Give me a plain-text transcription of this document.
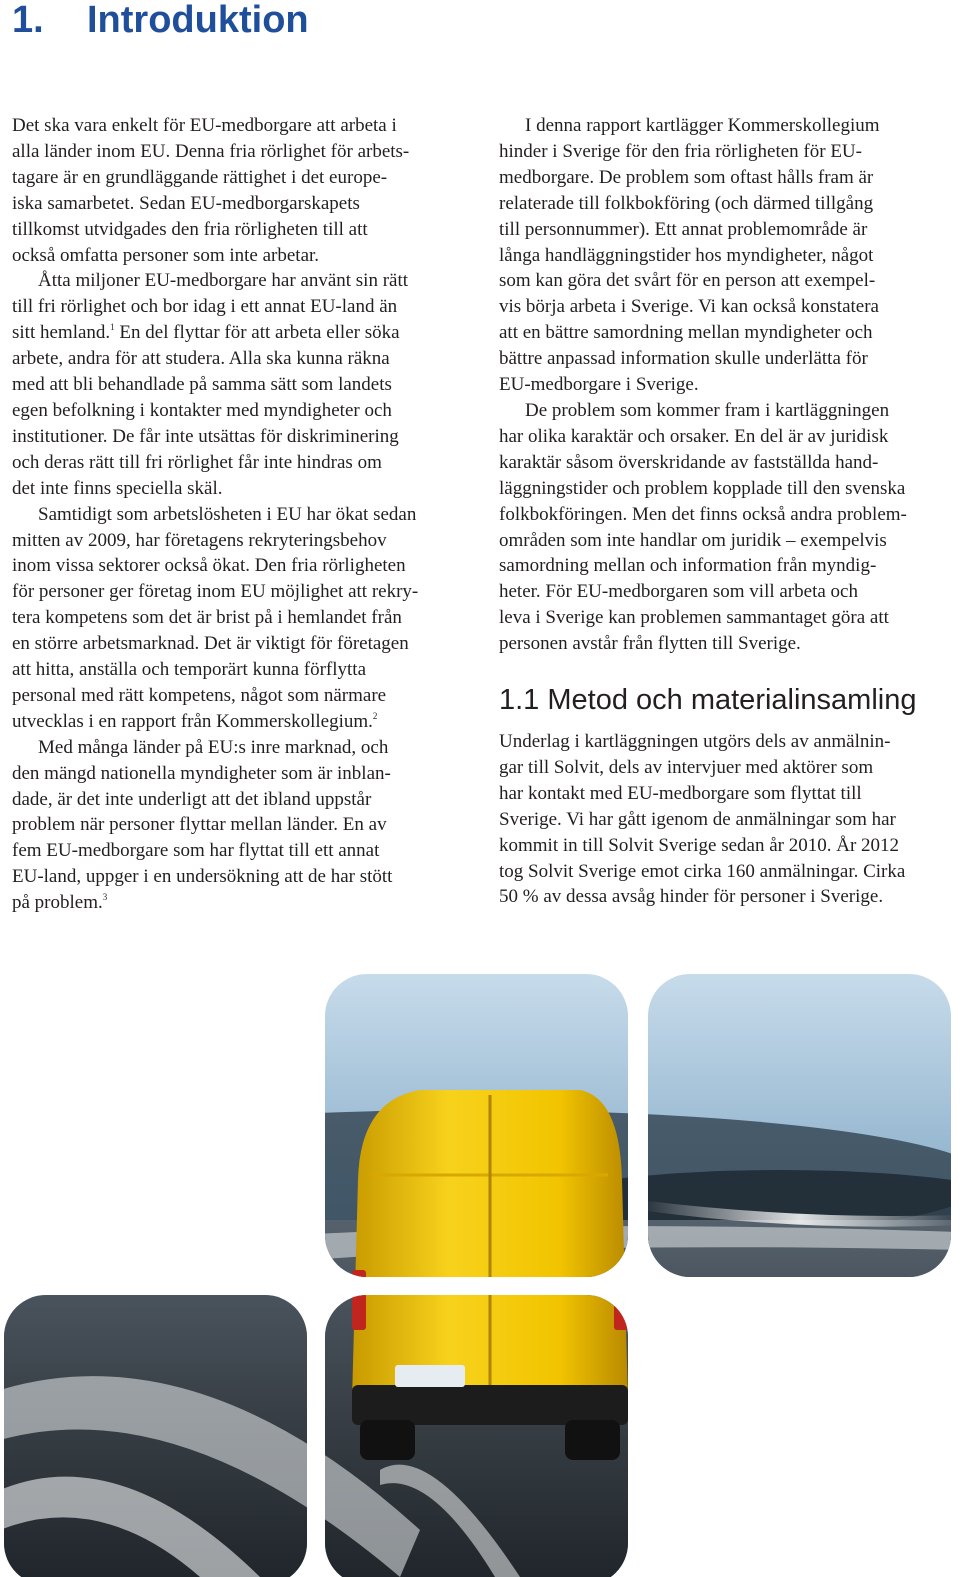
1. Introduktion

Det ska vara enkelt för EU-medborgare att arbeta i
alla länder inom EU. Denna fria rörlighet för arbets-
tagare är en grundläggande rättighet i det europe-
iska samarbetet. Sedan EU-medborgarskapets
tillkomst utvidgades den fria rörligheten till att
också omfatta personer som inte arbetar.

Åtta miljoner EU-medborgare har använt sin rätt
till fri rörlighet och bor idag i ett annat EU-land än
sitt hemland.$^1$ En del flyttar för att arbeta eller söka
arbete, andra för att studera. Alla ska kunna räkna
med att bli behandlade på samma sätt som landets
egen befolkning i kontakter med myndigheter och
institutioner. De får inte utsättas för diskriminering
och deras rätt till fri rörlighet får inte hindras om
det inte finns speciella skäl.

Samtidigt som arbetslösheten i EU har ökat sedan
mitten av 2009, har företagens rekryteringsbehov
inom vissa sektorer också ökat. Den fria rörligheten
för personer ger företag inom EU möjlighet att rekry-
tera kompetens som det är brist på i hemlandet från
en större arbetsmarknad. Det är viktigt för företagen
att hitta, anställa och temporärt kunna förflytta
personal med rätt kompetens, något som närmare
utvecklas i en rapport från Kommerskollegium.$^2$

Med många länder på EU:s inre marknad, och
den mängd nationella myndigheter som är inblan-
dade, är det inte underligt att det ibland uppstår
problem när personer flyttar mellan länder. En av
fem EU-medborgare som har flyttat till ett annat
EU-land, uppger i en undersökning att de har stött
på problem.$^3$

I denna rapport kartlägger Kommerskollegium
hinder i Sverige för den fria rörligheten för EU-
medborgare. De problem som oftast hålls fram är
relaterade till folkbokföring (och därmed tillgång
till personnummer). Ett annat problemområde är
långa handläggningstider hos myndigheter, något
som kan göra det svårt för en person att exempel-
vis börja arbeta i Sverige. Vi kan också konstatera
att en bättre samordning mellan myndigheter och
bättre anpassad information skulle underlätta för
EU-medborgare i Sverige.

De problem som kommer fram i kartläggningen
har olika karaktär och orsaker. En del är av juridisk
karaktär såsom överskridande av fastställda hand-
läggningstider och problem kopplade till den svenska
folkbokföringen. Men det finns också andra problem-
områden som inte handlar om juridik – exempelvis
samordning mellan och information från myndig-
heter. För EU-medborgaren som vill arbeta och
leva i Sverige kan problemen sammantaget göra att
personen avstår från flytten till Sverige.

1.1 Metod och materialinsamling

Underlag i kartläggningen utgörs dels av anmälnin-
gar till Solvit, dels av intervjuer med aktörer som
har kontakt med EU-medborgare som flyttat till
Sverige. Vi har gått igenom de anmälningar som har
kommit in till Solvit Sverige sedan år 2010. År 2012
tog Solvit Sverige emot cirka 160 anmälningar. Cirka
50 % av dessa avsåg hinder för personer i Sverige.
